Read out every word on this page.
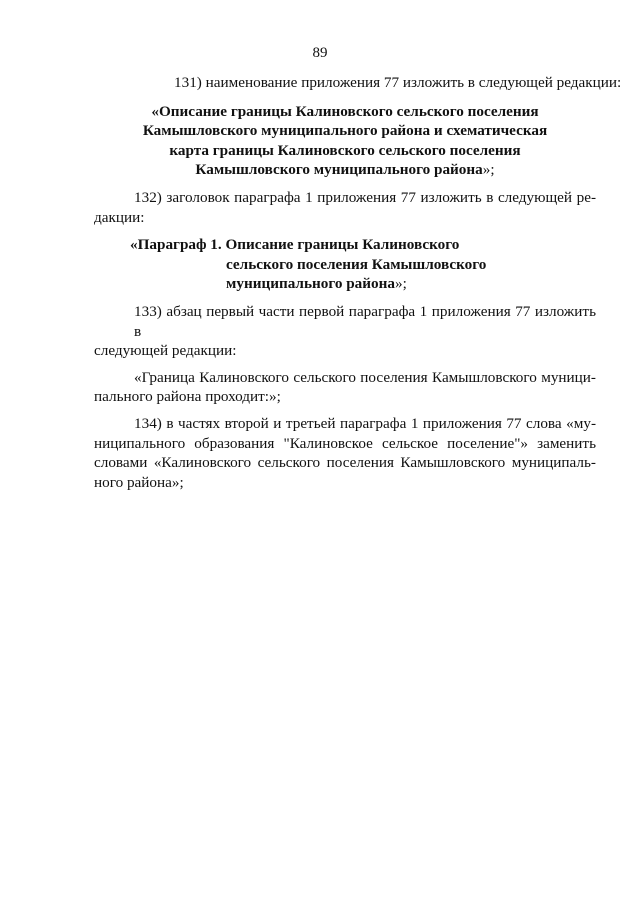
89

131) наименование приложения 77 изложить в следующей редакции:

«Описание границы Калиновского сельского поселения
Камышловского муниципального района и схематическая
карта границы Калиновского сельского поселения
Камышловского муниципального района»;
132) заголовок параграфа 1 приложения 77 изложить в следующей ре-
дакции:
«Параграф 1. Описание границы Калиновского
сельского поселения Камышловского
муниципального района»;
133) абзац первый части первой параграфа 1 приложения 77 изложить в
следующей редакции:
«Граница Калиновского сельского поселения Камышловского муници-
пального района проходит:»;
134) в частях второй и третьей параграфа 1 приложения 77 слова «му-
ниципального образования "Калиновское сельское поселение"» заменить
словами «Калиновского сельского поселения Камышловского муниципаль-
ного района»;
